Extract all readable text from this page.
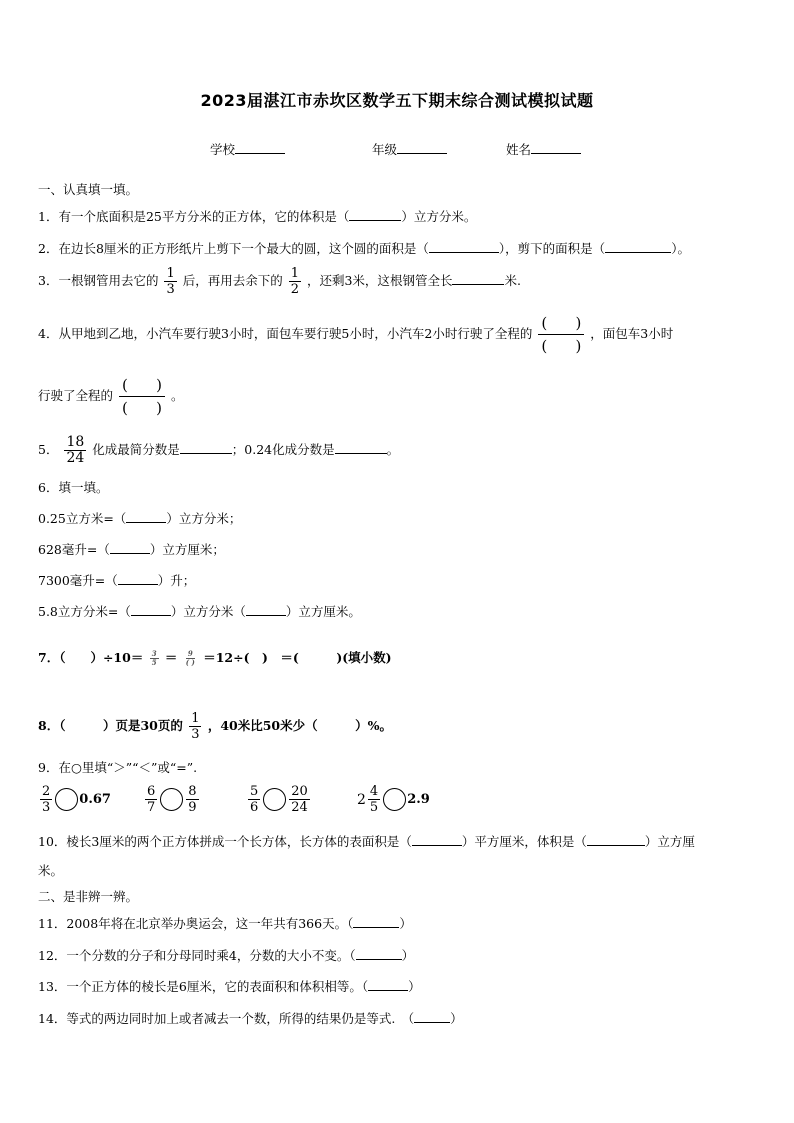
2023届湛江市赤坎区数学五下期末综合测试模拟试题
学校	年级	姓名
一、认真填一填。
1．有一个底面积是25平方分米的正方体，它的体积是（	）立方分米。
2．在边长8厘米的正方形纸片上剪下一个最大的圆，这个圆的面积是（	），剪下的面积是（	）。
3．一根钢管用去它的 $\frac{1}{3}$ 后，再用去余下的 $\frac{1}{2}$ ，还剩3米，这根钢管全长	米.
4．从甲地到乙地，小汽车要行驶3小时，面包车要行驶5小时，小汽车2小时行驶了全程的
( )
( )
，面包车3小时
行驶了全程的
( )
( )
。
5． $\frac{18}{24}$ 化成最简分数是	；0.24化成分数是	。
6．填一填。
0.25立方米=（	）立方分米；
628毫升=（	）立方厘米；
7300毫升=（	）升；
5.8立方分米=（	）立方分米（	）立方厘米。
7．（　　）$\div 10= \frac{3}{5} = \frac{9}{( )} =12\div$(　)　＝(　　　)(填小数)
8．（　　　）页是30页的 $\frac{1}{3}$ ，40米比50米少（　　　）%。
9．在○里填“＞”“＜”或“=”.
$\frac{2}{3} 0.67$	$\frac{6}{7} \frac{8}{9}$	$\frac{5}{6} \frac{20}{24}$	$2 \frac{4}{5} 2.9$
10．棱长3厘米的两个正方体拼成一个长方体，长方体的表面积是（	）平方厘米，体积是（	）立方厘
米。
二、是非辨一辨。
11．2008年将在北京举办奥运会，这一年共有366天。（	）
12．一个分数的分子和分母同时乘4，分数的大小不变。（	）
13．一个正方体的棱长是6厘米，它的表面积和体积相等。（	）
14．等式的两边同时加上或者减去一个数，所得的结果仍是等式.　（	）
